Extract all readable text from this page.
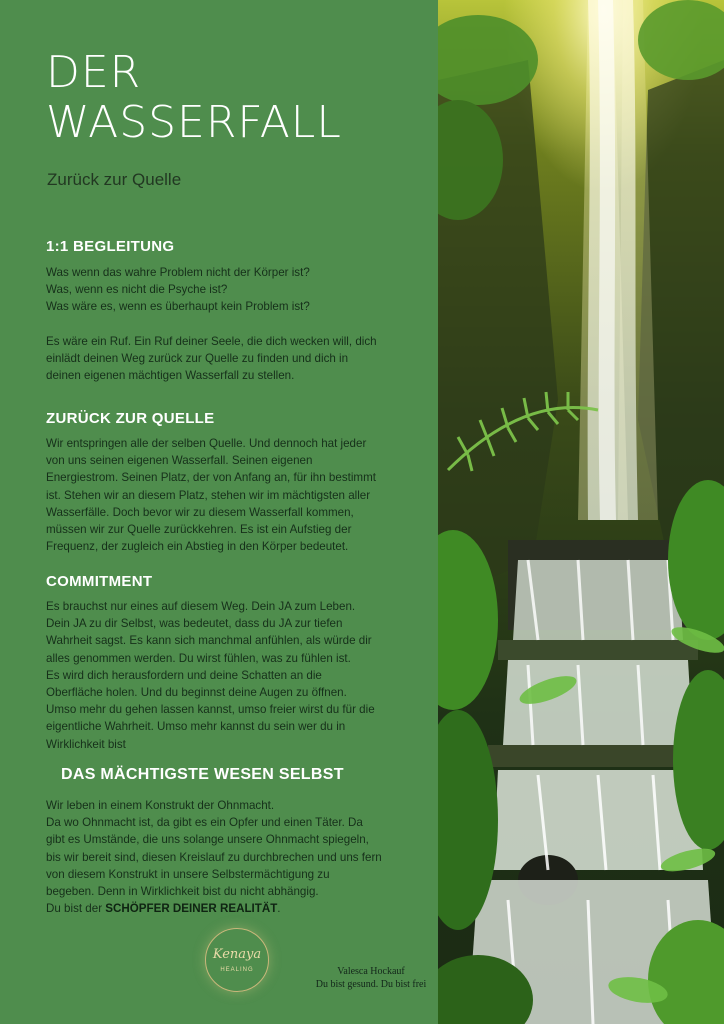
DER
WASSERFALL
Zurück zur Quelle
1:1 BEGLEITUNG
Was wenn das wahre Problem nicht der Körper ist?
Was, wenn es nicht die Psyche ist?
Was wäre es, wenn es überhaupt kein Problem ist?
Es wäre ein Ruf. Ein Ruf deiner Seele, die dich wecken will, dich
einlädt deinen Weg zurück zur Quelle zu finden und dich in
deinen eigenen mächtigen Wasserfall zu stellen.
ZURÜCK ZUR QUELLE
Wir entspringen alle der selben Quelle. Und dennoch hat jeder
von uns seinen eigenen Wasserfall. Seinen eigenen
Energiestrom. Seinen Platz, der von Anfang an, für ihn bestimmt
ist. Stehen wir an diesem Platz, stehen wir im mächtigsten aller
Wasserfälle. Doch bevor wir zu diesem Wasserfall kommen,
müssen wir zur Quelle zurückkehren. Es ist ein Aufstieg der
Frequenz, der zugleich ein Abstieg in den Körper bedeutet.
COMMITMENT
Es brauchst nur eines auf diesem Weg. Dein JA zum Leben.
Dein JA zu dir Selbst, was bedeutet, dass du JA zur tiefen
Wahrheit sagst. Es kann sich manchmal anfühlen, als würde dir
alles genommen werden. Du wirst fühlen, was zu fühlen ist.
Es wird dich herausfordern und deine Schatten an die
Oberfläche holen. Und du beginnst deine Augen zu öffnen.
Umso mehr du gehen lassen kannst, umso freier wirst du für die
eigentliche Wahrheit. Umso mehr kannst du sein wer du in
Wirklichkeit bist
DAS MÄCHTIGSTE WESEN SELBST
Wir leben in einem Konstrukt der Ohnmacht.
Da wo Ohnmacht ist, da gibt es ein Opfer und einen Täter. Da
gibt es Umstände, die uns solange unsere Ohnmacht spiegeln,
bis wir bereit sind, diesen Kreislauf zu durchbrechen und uns fern
von diesem Konstrukt in unsere Selbstermächtigung zu
begeben. Denn in Wirklichkeit bist du nicht abhängig.
Du bist der SCHÖPFER DEINER REALITÄT.
Kenaya
HEALING	Valesca Hockauf
Du bist gesund. Du bist frei
